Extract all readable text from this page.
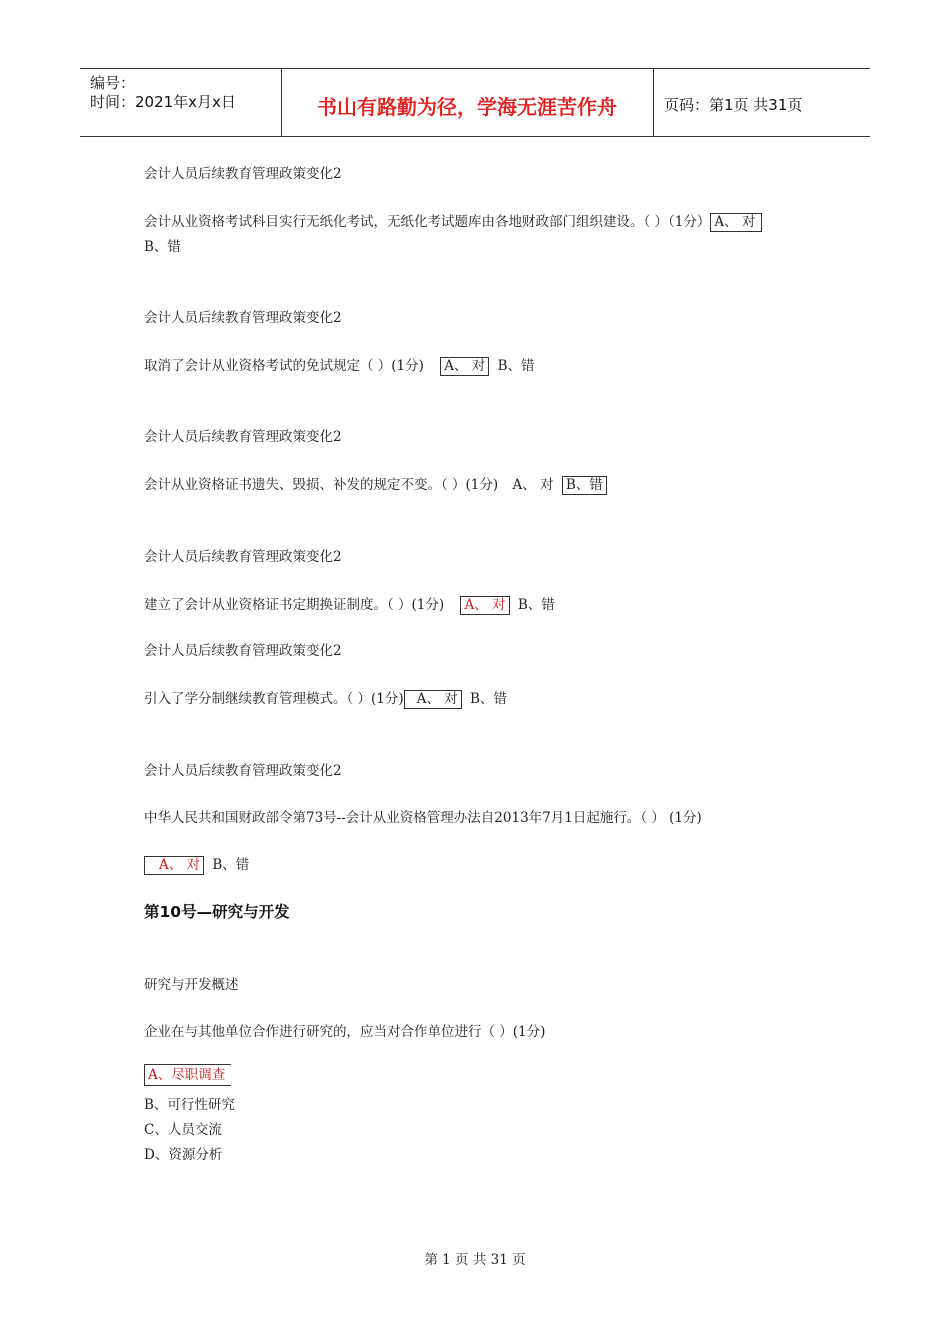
编号：
时间：2021年x月x日	书山有路勤为径，学海无涯苦作舟	页码：第1页 共31页
会计人员后续教育管理政策变化2
会计从业资格考试科目实行无纸化考试，无纸化考试题库由各地财政部门组织建设。（ ）（1分） A、 对
B、错
会计人员后续教育管理政策变化2
取消了会计从业资格考试的免试规定（ ）(1分) A、 对 B、错
会计人员后续教育管理政策变化2
会计从业资格证书遗失、毁损、补发的规定不变。（ ）(1分) A、 对 B、错
会计人员后续教育管理政策变化2
建立了会计从业资格证书定期换证制度。（ ）(1分) A、 对 B、错
会计人员后续教育管理政策变化2
引入了学分制继续教育管理模式。（ ）(1分) A、 对 B、错
会计人员后续教育管理政策变化2
中华人民共和国财政部令第73号--会计从业资格管理办法自2013年7月1日起施行。（ ） (1分)
A、 对 B、错
第10号—研究与开发
研究与开发概述
企业在与其他单位合作进行研究的，应当对合作单位进行（ ）(1分)
A、尽职调查
B、可行性研究
C、人员交流
D、资源分析
第 1 页 共 31 页
